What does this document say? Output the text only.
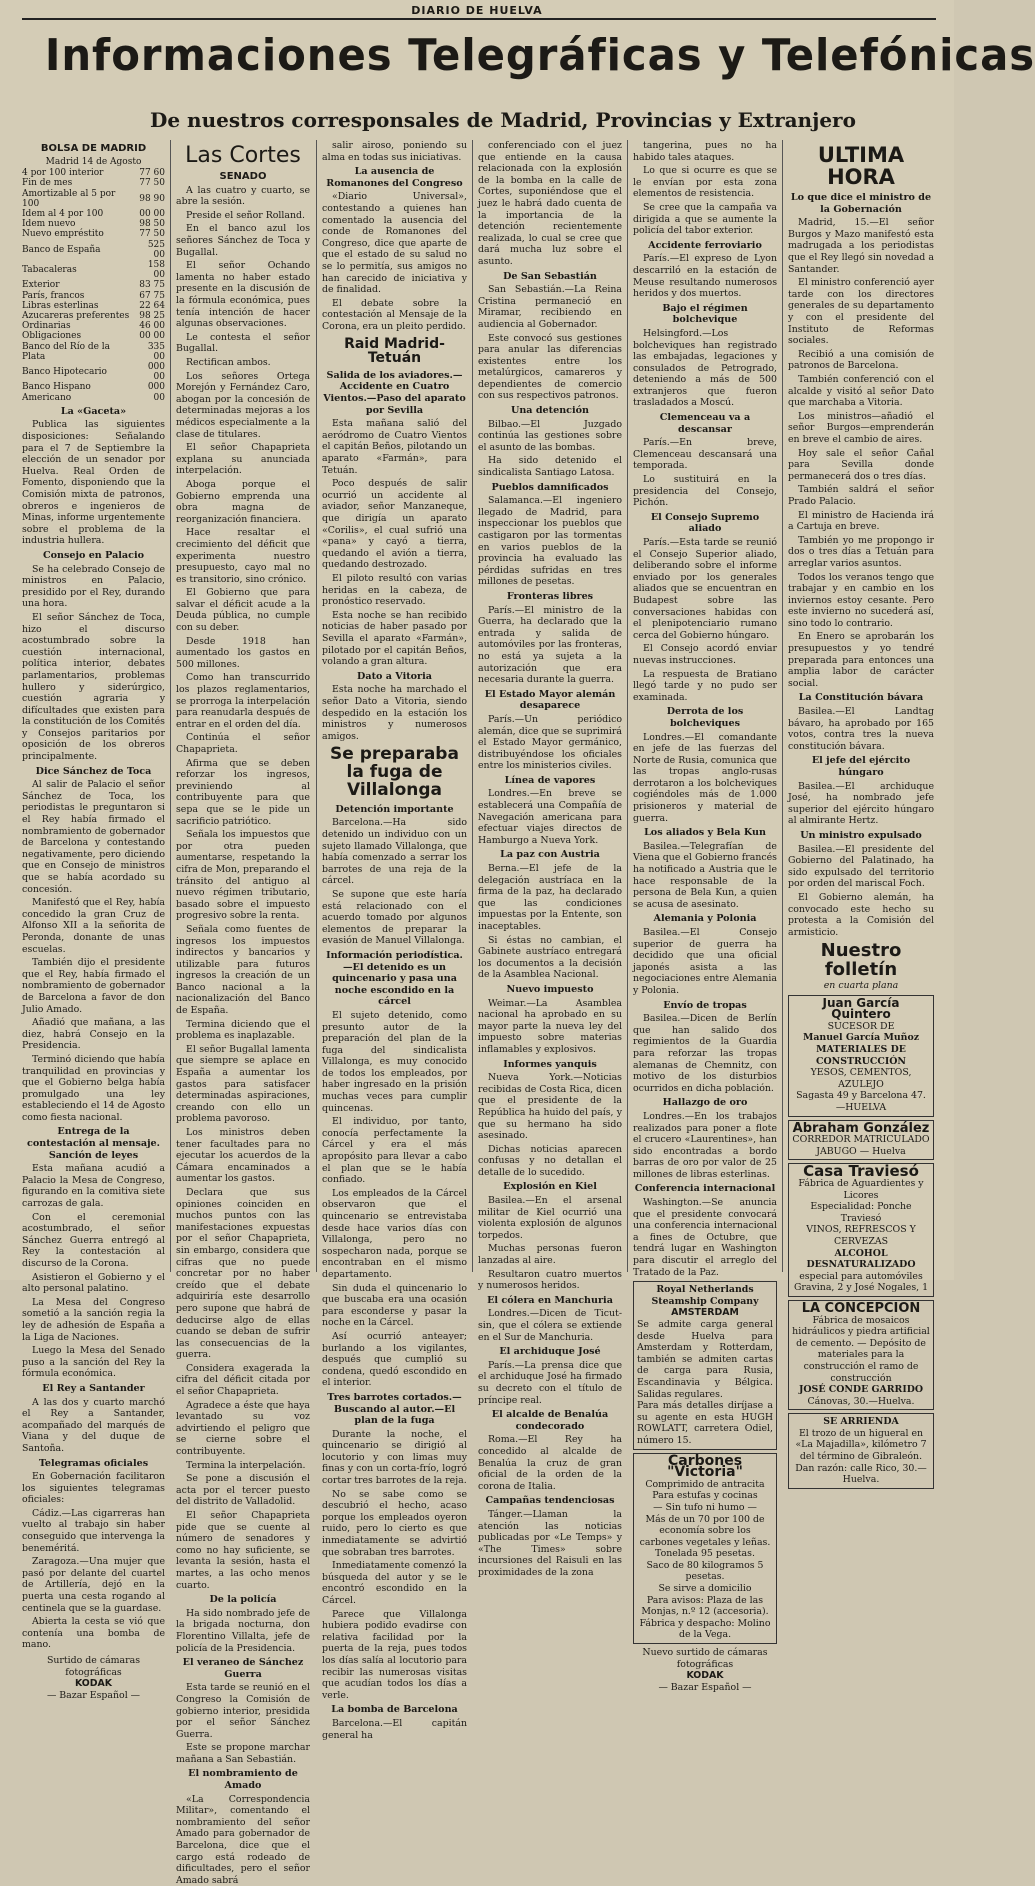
DIARIO DE HUELVA
Informaciones Telegráficas y Telefónicas
De nuestros corresponsales de Madrid, Provincias y Extranjero
BOLSA DE MADRID
Madrid 14 de Agosto
4 por 100 interior	77 60
Fin de mes	77 50
Amortizable al 5 por 100	98 90
Idem al 4 por 100	00 00
Idem nuevo	98 50
Nuevo empréstito	77 50
Banco de España	525 00
Tabacaleras	158 00
Exterior	83 75
París, francos	67 75
Libras esterlinas	22 64
Azucareras preferentes	98 25
Ordinarias	46 00
Obligaciones	00 00
Banco del Río de la Plata	335 00
Banco Hipotecario	000 00
Banco Hispano Americano	000 00
La «Gaceta»

Publica las siguientes disposiciones: Señalando para el 7 de Septiembre la elección de un senador por Huelva. Real Orden de Fomento, disponiendo que la Comisión mixta de patronos, obreros e ingenieros de Minas, informe urgentemente sobre el problema de la industria hullera.

Consejo en Palacio

Se ha celebrado Consejo de ministros en Palacio, presidido por el Rey, durando una hora.

El señor Sánchez de Toca, hizo el discurso acostumbrado sobre la cuestión internacional, política interior, debates parlamentarios, problemas hullero y siderúrgico, cuestión agraria y difícultades que existen para la constitución de los Comités y Consejos paritarios por oposición de los obreros principalmente.

Dice Sánchez de Toca

Al salir de Palacio el señor Sánchez de Toca, los periodistas le preguntaron si el Rey había firmado el nombramiento de gobernador de Barcelona y contestando negativamente, pero diciendo que en Consejo de ministros que se había acordado su concesión.

Manifestó que el Rey, había concedido la gran Cruz de Alfonso XII a la señorita de Peronda, donante de unas escuelas.

También dijo el presidente que el Rey, había firmado el nombramiento de gobernador de Barcelona a favor de don Julio Amado.

Añadió que mañana, a las diez, habrá Consejo en la Presidencia.

Terminó diciendo que había tranquilidad en provincias y que el Gobierno belga había promulgado una ley estableciendo el 14 de Agosto como fiesta nacional.

Entrega de la contestación al mensaje. Sanción de leyes

Esta mañana acudió a Palacio la Mesa de Congreso, figurando en la comitiva siete carrozas de gala.

Con el ceremonial acostumbrado, el señor Sánchez Guerra entregó al Rey la contestación al discurso de la Corona.

Asistieron el Gobierno y el alto personal palatino.

La Mesa del Congreso sometió a la sanción regia la ley de adhesión de España a la Liga de Naciones.

Luego la Mesa del Senado puso a la sanción del Rey la fórmula económica.

El Rey a Santander

A las dos y cuarto marchó el Rey a Santander, acompañado del marqués de Viana y del duque de Santoña.

Telegramas oficiales

En Gobernación facilitaron los siguientes telegramas oficiales:

Cádiz.—Las cigarreras han vuelto al trabajo sin haber conseguido que intervenga la beneméritá.

Zaragoza.—Una mujer que pasó por delante del cuartel de Artillería, dejó en la puerta una cesta rogando al centinela que se la guardase.

Abierta la cesta se vió que contenía una bomba de mano.

Surtido de cámaras fotográficas
KODAK
— Bazar Español —
Las Cortes
SENADO

A las cuatro y cuarto, se abre la sesión.

Preside el señor Rolland.

En el banco azul los señores Sánchez de Toca y Bugallal.

El señor Ochando lamenta no haber estado presente en la discusión de la fórmula económica, pues tenía intención de hacer algunas observaciones.

Le contesta el señor Bugallal.

Rectifican ambos.

Los señores Ortega Morejón y Fernández Caro, abogan por la concesión de determinadas mejoras a los médicos especialmente a la clase de titulares.

El señor Chapaprieta explana su anunciada interpelación.

Aboga porque el Gobierno emprenda una obra magna de reorganización financiera.

Hace resaltar el crecimiento del déficit que experimenta nuestro presupuesto, cayo mal no es transitorio, sino crónico.

El Gobierno que para salvar el déficit acude a la Deuda pública, no cumple con su deber.

Desde 1918 han aumentado los gastos en 500 millones.

Como han transcurrido los plazos reglamentarios, se prorroga la interpelación para reanudarla después de entrar en el orden del día.

Continúa el señor Chapaprieta.

Afirma que se deben reforzar los ingresos, previniendo al contribuyente para que sepa que se le pide un sacrificio patriótico.

Señala los impuestos que por otra pueden aumentarse, respetando la cifra de Mon, preparando el tránsito del antiguo al nuevo régimen tributario, basado sobre el impuesto progresivo sobre la renta.

Señala como fuentes de ingresos los impuestos indirectos y bancarios y utilizable para futuros ingresos la creación de un Banco nacional a la nacionalización del Banco de España.

Termina diciendo que el problema es inaplazable.

El señor Bugallal lamenta que siempre se aplace en España a aumentar los gastos para satisfacer determinadas aspiraciones, creando con ello un problema pavoroso.

Los ministros deben tener facultades para no ejecutar los acuerdos de la Cámara encaminados a aumentar los gastos.

Declara que sus opiniones coinciden en muchos puntos con las manifestaciones expuestas por el señor Chapaprieta, sin embargo, considera que cifras que no puede concretar por no haber creído que el debate adquiriría este desarrollo pero supone que habrá de deducirse algo de ellas cuando se deban de sufrir las consecuencias de la guerra.

Considera exagerada la cifra del déficit citada por el señor Chapaprieta.

Agradece a éste que haya levantado su voz advirtiendo el peligro que se cierne sobre el contribuyente.

Termina la interpelación.

Se pone a discusión el acta por el tercer puesto del distrito de Valladolid.

El señor Chapaprieta pide que se cuente al número de senadores y como no hay suficiente, se levanta la sesión, hasta el martes, a las ocho menos cuarto.

De la policía

Ha sido nombrado jefe de la brigada nocturna, don Florentino Villalta, jefe de policía de la Presidencia.

El veraneo de Sánchez Guerra

Esta tarde se reunió en el Congreso la Comisión de gobierno interior, presidida por el señor Sánchez Guerra.

Este se propone marchar mañana a San Sebastián.

El nombramiento de Amado

«La Correspondencia Militar», comentando el nombramiento del señor Amado para gobernador de Barcelona, dice que el cargo está rodeado de dificultades, pero el señor Amado sabrá

salir airoso, poniendo su alma en todas sus iniciativas.

La ausencia de Romanones del Congreso

«Diario Universal», contestando a quienes han comentado la ausencia del conde de Romanones del Congreso, dice que aparte de que el estado de su salud no se lo permitía, sus amigos no han carecido de iniciativa y de finalidad.

El debate sobre la contestación al Mensaje de la Corona, era un pleito perdido.

Raid Madrid-Tetuán
Salida de los aviadores.—Accidente en Cuatro Vientos.—Paso del aparato por Sevilla

Esta mañana salió del aeródromo de Cuatro Vientos el capitán Beños, pilotando un aparato «Farmán», para Tetuán.

Poco después de salir ocurrió un accidente al aviador, señor Manzaneque, que dirigía un aparato «Corilis», el cual sufrió una «pana» y cayó a tierra, quedando el avión a tierra, quedando destrozado.

El piloto resultó con varias heridas en la cabeza, de pronóstico reservado.

Esta noche se han recibido noticias de haber pasado por Sevilla el aparato «Farmán», pilotado por el capitán Beños, volando a gran altura.

Dato a Vitoria

Esta noche ha marchado el señor Dato a Vitoria, siendo despedido en la estación los ministros y numerosos amigos.

Se preparaba la fuga de Villalonga
Detención importante

Barcelona.—Ha sido detenido un individuo con un sujeto llamado Villalonga, que había comenzado a serrar los barrotes de una reja de la cárcel.

Se supone que este haría está relacionado con el acuerdo tomado por algunos elementos de preparar la evasión de Manuel Villalonga.

Información periodística.—El detenido es un quincenario y pasa una noche escondido en la cárcel

El sujeto detenido, como presunto autor de la preparación del plan de la fuga del sindicalista Villalonga, es muy conocido de todos los empleados, por haber ingresado en la prisión muchas veces para cumplir quincenas.

El individuo, por tanto, conocía perfectamente la Cárcel y era el más apropósito para llevar a cabo el plan que se le había confiado.

Los empleados de la Cárcel observaron que el quincenario se entrevistaba desde hace varios días con Villalonga, pero no sospecharon nada, porque se encontraban en el mismo departamento.

Sin duda el quincenario lo que buscaba era una ocasión para esconderse y pasar la noche en la Cárcel.

Así ocurrió anteayer; burlando a los vigilantes, después que cumplió su condena, quedó escondido en el interior.

Tres barrotes cortados.—Buscando al autor.—El plan de la fuga

Durante la noche, el quincenario se dirigió al locutorio y con limas muy finas y con un corta-frío, logró cortar tres barrotes de la reja.

No se sabe como se descubrió el hecho, acaso porque los empleados oyeron ruido, pero lo cierto es que inmediatamente se advirtió que sobraban tres barrotes.

Inmediatamente comenzó la búsqueda del autor y se le encontró escondido en la Cárcel.

Parece que Villalonga hubiera podido evadirse con relativa facilidad por la puerta de la reja, pues todos los días salía al locutorio para recibir las numerosas visitas que acudían todos los días a verle.

La bomba de Barcelona

Barcelona.—El capitán general ha

conferenciado con el juez que entiende en la causa relacionada con la explosión de la bomba en la calle de Cortes, suponiéndose que el juez le habrá dado cuenta de la importancia de la detención recientemente realizada, lo cual se cree que dará mucha luz sobre el asunto.

De San Sebastián

San Sebastián.—La Reina Cristina permaneció en Miramar, recibiendo en audiencia al Gobernador.

Este convocó sus gestiones para anular las diferencias existentes entre los metalúrgicos, camareros y dependientes de comercio con sus respectivos patronos.

Una detención

Bilbao.—El Juzgado continúa las gestiones sobre el asunto de las bombas.

Ha sido detenido el sindicalista Santiago Latosa.

Pueblos damnificados

Salamanca.—El ingeniero llegado de Madrid, para inspeccionar los pueblos que castigaron por las tormentas en varios pueblos de la provincia ha evaluado las pérdidas sufridas en tres millones de pesetas.

Fronteras libres

París.—El ministro de la Guerra, ha declarado que la entrada y salida de automóviles por las fronteras, no está ya sujeta a la autorización que era necesaria durante la guerra.

El Estado Mayor alemán desaparece

París.—Un periódico alemán, dice que se suprimirá el Estado Mayor germánico, distribuyéndose los oficiales entre los ministerios civiles.

Línea de vapores

Londres.—En breve se establecerá una Compañía de Navegación americana para efectuar viajes directos de Hamburgo a Nueva York.

La paz con Austria

Berna.—El jefe de la delegación austríaca en la firma de la paz, ha declarado que las condiciones impuestas por la Entente, son inaceptables.

Si éstas no cambian, el Gabinete austríaco entregará los documentos a la decisión de la Asamblea Nacional.

Nuevo impuesto

Weimar.—La Asamblea nacional ha aprobado en su mayor parte la nueva ley del impuesto sobre materias inflamables y explosivos.

Informes yanquis

Nueva York.—Noticias recibidas de Costa Rica, dicen que el presidente de la República ha huido del país, y que su hermano ha sido asesinado.

Dichas noticias aparecen confusas y no detallan el detalle de lo sucedido.

Explosión en Kiel

Basilea.—En el arsenal militar de Kiel ocurrió una violenta explosión de algunos torpedos.

Muchas personas fueron lanzadas al aire.

Resultaron cuatro muertos y numerosos heridos.

El cólera en Manchuria

Londres.—Dicen de Ticut-sin, que el cólera se extiende en el Sur de Manchuria.

El archiduque José

París.—La prensa dice que el archiduque José ha firmado su decreto con el título de príncipe real.

El alcalde de Benalúa condecorado

Roma.—El Rey ha concedido al alcalde de Benalúa la cruz de gran oficial de la orden de la corona de Italia.

Campañas tendenciosas

Tánger.—Llaman la atención las noticias publicadas por «Le Temps» y «The Times» sobre incursiones del Raisuli en las proximidades de la zona

tangerina, pues no ha habido tales ataques.

Lo que si ocurre es que se le envían por esta zona elementos de resistencia.

Se cree que la campaña va dirigida a que se aumente la policía del tabor exterior.

Accidente ferroviario

París.—El expreso de Lyon descarriló en la estación de Meuse resultando numerosos heridos y dos muertos.

Bajo el régimen bolchevique

Helsingford.—Los bolcheviques han registrado las embajadas, legaciones y consulados de Petrogrado, deteniendo a más de 500 extranjeros que fueron trasladados a Moscú.

Clemenceau va a descansar

París.—En breve, Clemenceau descansará una temporada.

Lo sustituirá en la presidencia del Consejo, Pichón.

El Consejo Supremo aliado

París.—Esta tarde se reunió el Consejo Superior aliado, deliberando sobre el informe enviado por los generales aliados que se encuentran en Budapest sobre las conversaciones habidas con el plenipotenciario rumano cerca del Gobierno húngaro.

El Consejo acordó enviar nuevas instrucciones.

La respuesta de Bratiano llegó tarde y no pudo ser examinada.

Derrota de los bolcheviques

Londres.—El comandante en jefe de las fuerzas del Norte de Rusia, comunica que las tropas anglo-rusas derrotaron a los bolcheviques cogiéndoles más de 1.000 prisioneros y material de guerra.

Los aliados y Bela Kun

Basilea.—Telegrafían de Viena que el Gobierno francés ha notificado a Austria que le hace responsable de la persona de Bela Kun, a quien se acusa de asesinato.

Alemania y Polonia

Basilea.—El Consejo superior de guerra ha decidido que una oficial japonés asista a las negociaciones entre Alemania y Polonia.

Envío de tropas

Basilea.—Dicen de Berlín que han salido dos regimientos de la Guardia para reforzar las tropas alemanas de Chemnitz, con motivo de los disturbios ocurridos en dicha población.

Hallazgo de oro

Londres.—En los trabajos realizados para poner a flote el crucero «Laurentines», han sido encontradas a bordo barras de oro por valor de 25 millones de libras esterlinas.

Conferencia internacional

Washington.—Se anuncia que el presidente convocará una conferencia internacional a fines de Octubre, que tendrá lugar en Washington para discutir el arreglo del Tratado de la Paz.

Royal Netherlands Steamship Company
AMSTERDAM
Se admite carga general desde Huelva para Amsterdam y Rotterdam, también se admiten cartas de carga para Rusia, Escandinavia y Bélgica. Salidas regulares.
Para más detalles diríjase a su agente en esta HUGH ROWLATT, carretera Odiel, número 15.
Carbones "Victoria"
Comprimido de antracita
Para estufas y cocinas
— Sin tufo ni humo —
Más de un 70 por 100 de economía sobre los carbones vegetales y leñas.
Tonelada 95 pesetas.
Saco de 80 kilogramos 5 pesetas.
Se sirve a domicilio
Para avisos: Plaza de las Monjas, n.º 12 (accesoria). Fábrica y despacho: Molino de la Vega.
Nuevo surtido de cámaras fotográficas
KODAK
— Bazar Español —
ULTIMA HORA
Lo que dice el ministro de la Gobernación

Madrid, 15.—El señor Burgos y Mazo manifestó esta madrugada a los periodistas que el Rey llegó sin novedad a Santander.

El ministro conferenció ayer tarde con los directores generales de su departamento y con el presidente del Instituto de Reformas sociales.

Recibió a una comisión de patronos de Barcelona.

También conferenció con el alcalde y visitó al señor Dato que marchaba a Vitoria.

Los ministros—añadió el señor Burgos—emprenderán en breve el cambio de aires.

Hoy sale el señor Cañal para Sevilla donde permanecerá dos o tres días.

También saldrá el señor Prado Palacio.

El ministro de Hacienda irá a Cartuja en breve.

También yo me propongo ir dos o tres días a Tetuán para arreglar varios asuntos.

Todos los veranos tengo que trabajar y en cambio en los inviernos estoy cesante. Pero este invierno no sucederá así, sino todo lo contrario.

En Enero se aprobarán los presupuestos y yo tendré preparada para entonces una amplia labor de carácter social.

La Constitución bávara

Basilea.—El Landtag bávaro, ha aprobado por 165 votos, contra tres la nueva constitución bávara.

El jefe del ejército húngaro

Basilea.—El archiduque José, ha nombrado jefe superior del ejército húngaro al almirante Hertz.

Un ministro expulsado

Basilea.—El presidente del Gobierno del Palatinado, ha sido expulsado del territorio por orden del mariscal Foch.

El Gobierno alemán, ha convocado este hecho su protesta a la Comisión del armisticio.

Nuestro folletín
en cuarta plana
Juan García Quintero
SUCESOR DE
Manuel García Muñoz
MATERIALES DE CONSTRUCCIÓN
YESOS, CEMENTOS, AZULEJO
Sagasta 49 y Barcelona 47.—HUELVA
Abraham González
CORREDOR MATRICULADO
JABUGO — Huelva
Casa Traviesó
Fábrica de Aguardientes y Licores
Especialidad: Ponche Traviesó
VINOS, REFRESCOS Y CERVEZAS
ALCOHOL DESNATURALIZADO
especial para automóviles
Gravina, 2 y José Nogales, 1
LA CONCEPCION
Fábrica de mosaicos hidráulicos y piedra artificial de cemento. — Depósito de materiales para la construcción el ramo de construcción
JOSÉ CONDE GARRIDO
Cánovas, 30.—Huelva.
SE ARRIENDA
El trozo de un higueral en «La Majadilla», kilómetro 7 del término de Gibraleón.
Dan razón: calle Rico, 30.—Huelva.
